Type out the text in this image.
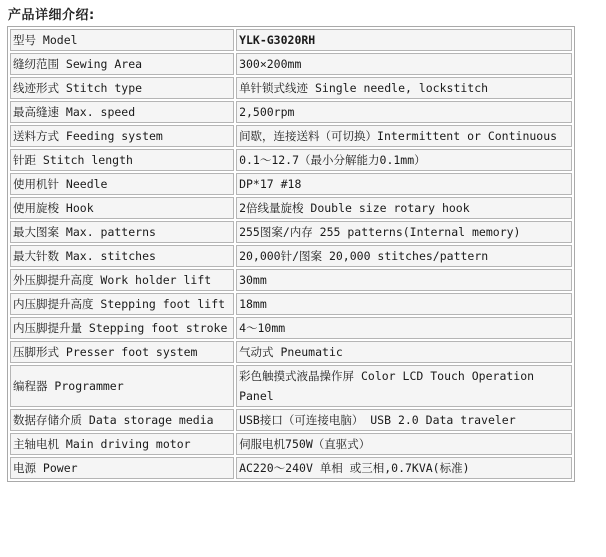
产品详细介绍:
型号 Model	YLK-G3020RH
缝纫范围 Sewing Area	300×200mm
线迹形式 Stitch type	单针锁式线迹 Single needle, lockstitch
最高缝速 Max. speed	2,500rpm
送料方式 Feeding system	间歇，连接送料（可切换）Intermittent or Continuous
针距 Stitch length	0.1～12.7（最小分解能力0.1mm）
使用机针 Needle	DP*17 #18
使用旋梭 Hook	2倍线量旋梭 Double size rotary hook
最大图案 Max. patterns	255图案/内存 255 patterns(Internal memory)
最大针数 Max. stitches	20,000针/图案 20,000 stitches/pattern
外压脚提升高度 Work holder lift	30mm
内压脚提升高度 Stepping foot lift	18mm
内压脚提升量 Stepping foot stroke	4～10mm
压脚形式 Presser foot system	气动式 Pneumatic
编程器 Programmer	彩色触摸式液晶操作屏 Color LCD Touch Operation Panel
数据存储介质 Data storage media	USB接口（可连接电脑） USB 2.0 Data traveler
主轴电机 Main driving motor	伺服电机750W（直驱式）
电源 Power	AC220～240V 单相 或三相,0.7KVA(标准)
